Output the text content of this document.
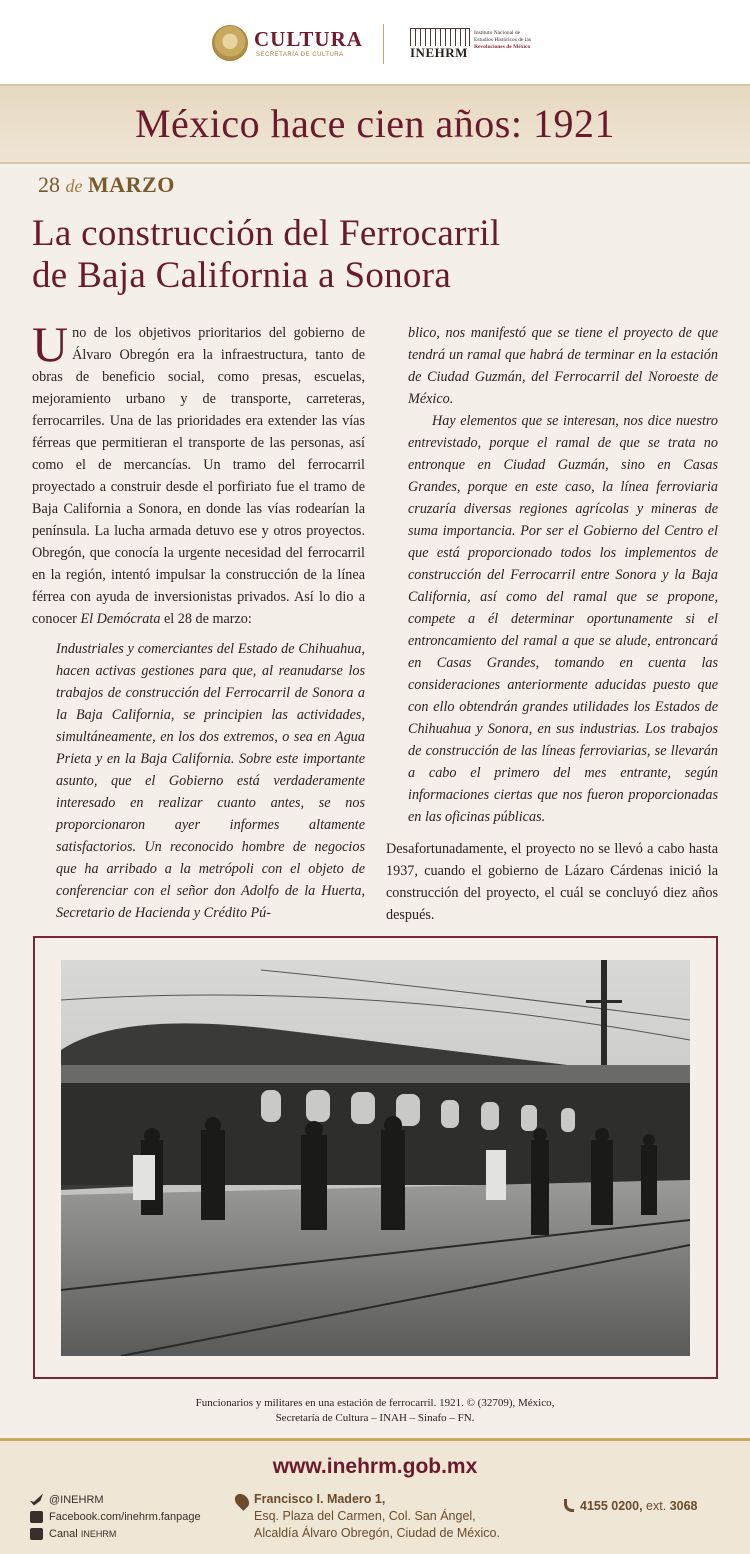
CULTURA
SECRETARÍA DE CULTURA	INEHRM
Instituto Nacional de
Estudios Históricos de las
Revoluciones de México
México hace cien años: 1921
28 de MARZO
La construcción del Ferrocarril
de Baja California a Sonora

Uno de los objetivos prioritarios del gobierno de Álvaro Obregón era la infraestructura, tanto de obras de beneficio social, como presas, escuelas, mejoramiento urbano y de transporte, carreteras, ferrocarriles. Una de las prioridades era extender las vías férreas que permitieran el transporte de las personas, así como el de mercancías. Un tramo del ferrocarril proyectado a construir desde el porfiriato fue el tramo de Baja California a Sonora, en donde las vías rodearían la península. La lucha armada detuvo ese y otros proyectos. Obregón, que conocía la urgente necesidad del ferrocarril en la región, intentó impulsar la construcción de la línea férrea con ayuda de inversionistas privados. Así lo dio a conocer El Demócrata el 28 de marzo:

Industriales y comerciantes del Estado de Chihuahua, hacen activas gestiones para que, al reanudarse los trabajos de construcción del Ferrocarril de Sonora a la Baja California, se principien las actividades, simultáneamente, en los dos extremos, o sea en Agua Prieta y en la Baja California. Sobre este importante asunto, que el Gobierno está verdaderamente interesado en realizar cuanto antes, se nos proporcionaron ayer informes altamente satisfactorios. Un reconocido hombre de negocios que ha arribado a la metrópoli con el objeto de conferenciar con el señor don Adolfo de la Huerta, Secretario de Hacienda y Crédito Pú-

blico, nos manifestó que se tiene el proyecto de que tendrá un ramal que habrá de terminar en la estación de Ciudad Guzmán, del Ferrocarril del Noroeste de México.

Hay elementos que se interesan, nos dice nuestro entrevistado, porque el ramal de que se trata no entronque en Ciudad Guzmán, sino en Casas Grandes, porque en este caso, la línea ferroviaria cruzaría diversas regiones agrícolas y mineras de suma importancia. Por ser el Gobierno del Centro el que está proporcionado todos los implementos de construcción del Ferrocarril entre Sonora y la Baja California, así como del ramal que se propone, compete a él determinar oportunamente si el entroncamiento del ramal a que se alude, entroncará en Casas Grandes, tomando en cuenta las consideraciones anteriormente aducidas puesto que con ello obtendrán grandes utilidades los Estados de Chihuahua y Sonora, en sus industrias. Los trabajos de construcción de las líneas ferroviarias, se llevarán a cabo el primero del mes entrante, según informaciones ciertas que nos fueron proporcionadas en las oficinas públicas.

Desafortunadamente, el proyecto no se llevó a cabo hasta 1937, cuando el gobierno de Lázaro Cárdenas inició la construcción del proyecto, el cuál se concluyó diez años después.

Funcionarios y militares en una estación de ferrocarril. 1921. © (32709), México,
Secretaría de Cultura – INAH – Sinafo – FN.
www.inehrm.gob.mx
@INEHRM
Facebook.com/inehrm.fanpage
Canal
INEHRM
Francisco I. Madero 1,
Esq. Plaza del Carmen, Col. San Ángel,
Alcaldía Álvaro Obregón, Ciudad de México.
4155 0200, ext. 3068
